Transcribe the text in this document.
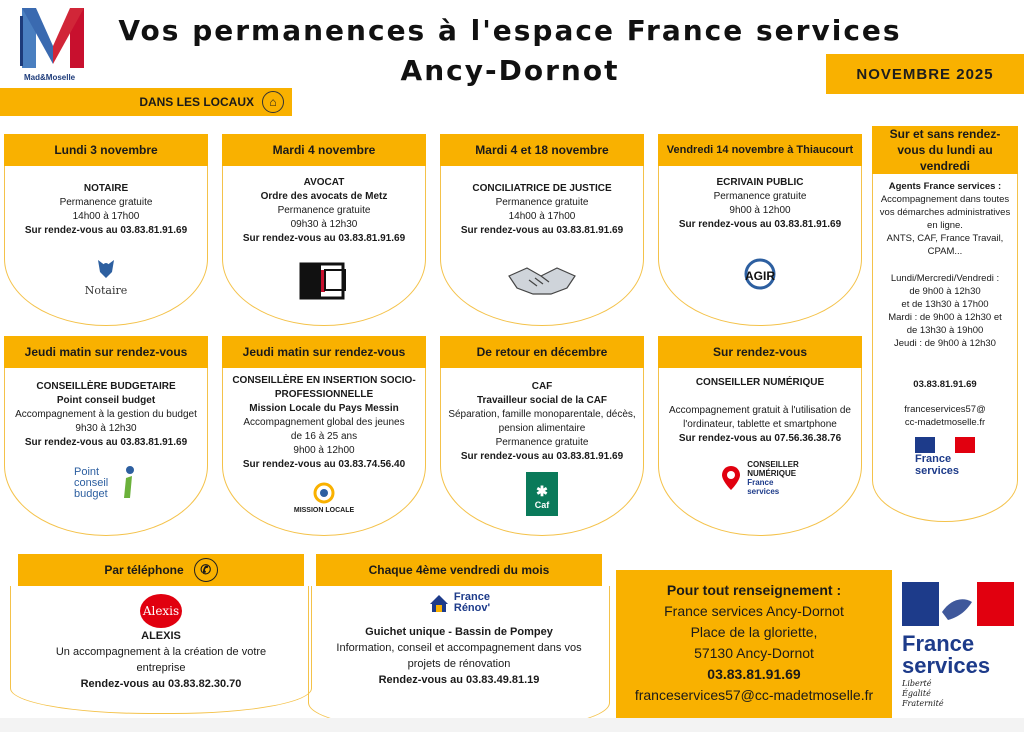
Mad&Moselle
Vos permanences à l'espace France services
Ancy-Dornot	NOVEMBRE 2025
DANS LES LOCAUX	⌂
Lundi 3 novembre
NOTAIRE
Permanence gratuite
14h00 à 17h00
Sur rendez-vous au 03.83.81.91.69
Notaire
Mardi 4 novembre
AVOCAT
Ordre des avocats de Metz
Permanence gratuite
09h30 à 12h30
Sur rendez-vous au 03.83.81.91.69
Mardi 4 et 18 novembre
CONCILIATRICE DE JUSTICE
Permanence gratuite
14h00 à 17h00
Sur rendez-vous au 03.83.81.91.69
Vendredi 14 novembre à Thiaucourt
ECRIVAIN PUBLIC
Permanence gratuite
9h00 à 12h00
Sur rendez-vous au 03.83.81.91.69
AGIR
Sur et sans rendez-vous du lundi au vendredi
Agents France services :
Accompagnement dans toutes
vos démarches administratives
en ligne.
ANTS, CAF, France Travail,
CPAM...
Lundi/Mercredi/Vendredi :
de 9h00 à 12h30
et de 13h30 à 17h00
Mardi : de 9h00 à 12h30 et
de 13h30 à 19h00
Jeudi : de 9h00 à 12h30
03.83.81.91.69
franceservices57@
cc-madetmoselle.fr
France
services
Jeudi matin sur rendez-vous
CONSEILLÈRE BUDGETAIRE
Point conseil budget
Accompagnement à la gestion du budget
9h30 à 12h30
Sur rendez-vous au 03.83.81.91.69
Point conseil budget
Jeudi matin sur rendez-vous
CONSEILLÈRE EN INSERTION SOCIO-PROFESSIONNELLE
Mission Locale du Pays Messin
Accompagnement global des jeunes
de 16 à 25 ans
9h00 à 12h00
Sur rendez-vous au 03.83.74.56.40
MISSION LOCALE
De retour en décembre
CAF
Travailleur social de la CAF
Séparation, famille monoparentale, décès,
pension alimentaire
Permanence gratuite
Sur rendez-vous au 03.83.81.91.69
✱
Caf
Sur rendez-vous
CONSEILLER NUMÉRIQUE
Accompagnement gratuit à l'utilisation de
l'ordinateur, tablette et smartphone
Sur rendez-vous au 07.56.36.38.76
CONSEILLER
NUMÉRIQUE
France
services
Par téléphone	✆
Alexis
ALEXIS
Un accompagnement à la création de votre
entreprise
Rendez-vous au 03.83.82.30.70
Chaque 4ème vendredi du mois
France
Rénov'
Guichet unique - Bassin de Pompey
Information, conseil et accompagnement dans vos
projets de rénovation
Rendez-vous au 03.83.49.81.19
Pour tout renseignement :
France services Ancy-Dornot
Place de la gloriette,
57130 Ancy-Dornot
03.83.81.91.69
franceservices57@cc-madetmoselle.fr
France
services
Liberté
Égalité
Fraternité
